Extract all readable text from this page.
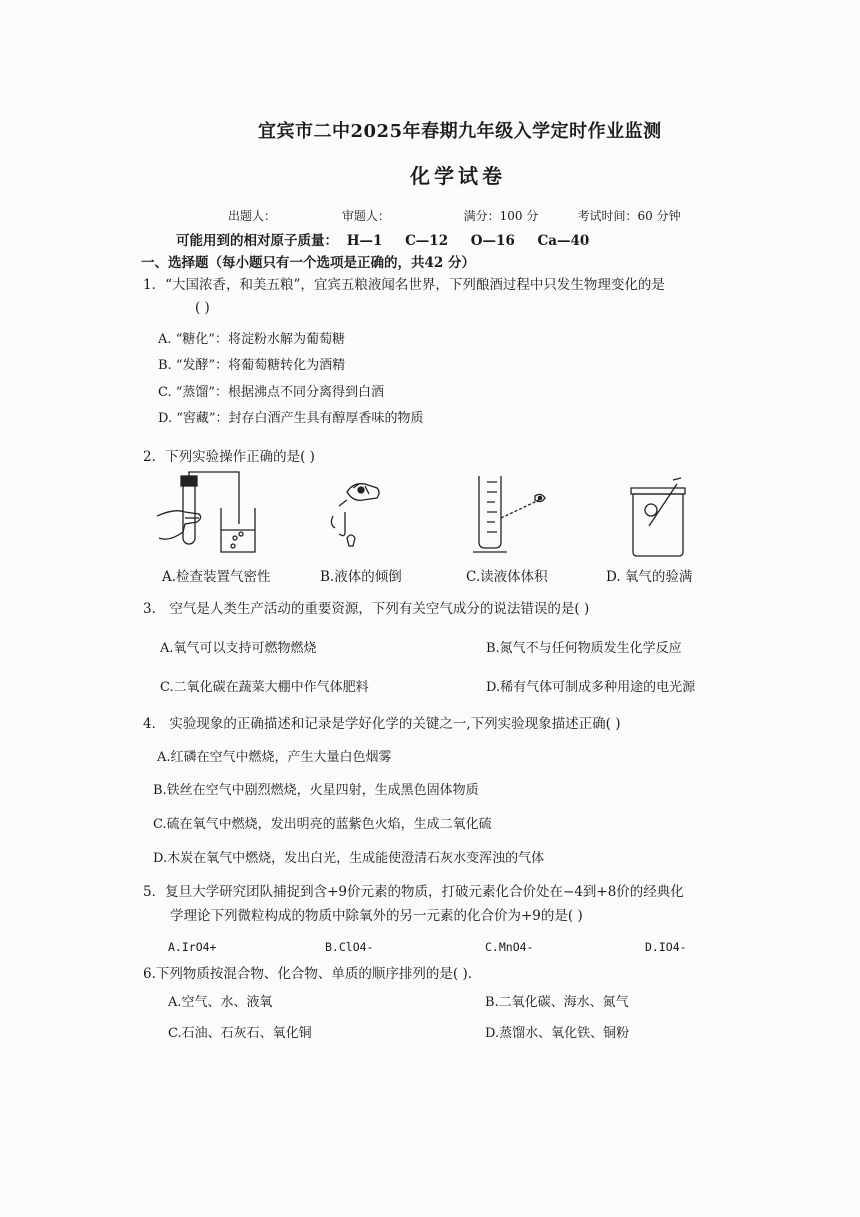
宜宾市二中2025年春期九年级入学定时作业监测
化学试卷
出题人：	审题人：	满分：100 分	考试时间：60 分钟
可能用到的相对原子质量： H—1 C—12 O—16 Ca—40
一、选择题（每小题只有一个选项是正确的，共42 分）
1．“大国浓香，和美五粮”，宜宾五粮液闻名世界，下列酿酒过程中只发生物理变化的是
( )
A. “糖化”：将淀粉水解为葡萄糖
B. “发酵”：将葡萄糖转化为酒精
C. “蒸馏”：根据沸点不同分离得到白酒
D. “窖藏”：封存白酒产生具有醇厚香味的物质
2．下列实验操作正确的是( )
A.检查装置气密性	B.液体的倾倒	C.读液体体积	D. 氧气的验满
3． 空气是人类生产活动的重要资源，下列有关空气成分的说法错误的是( )
A.氧气可以支持可燃物燃烧	B.氮气不与任何物质发生化学反应
C.二氧化碳在蔬菜大棚中作气体肥料	D.稀有气体可制成多种用途的电光源
4． 实验现象的正确描述和记录是学好化学的关键之一,下列实验现象描述正确( )
A.红磷在空气中燃烧，产生大量白色烟雾
B.铁丝在空气中剧烈燃烧，火星四射，生成黑色固体物质
C.硫在氧气中燃烧，发出明亮的蓝紫色火焰，生成二氧化硫
D.木炭在氧气中燃烧，发出白光，生成能使澄清石灰水变浑浊的气体
5．复旦大学研究团队捕捉到含+9价元素的物质，打破元素化合价处在−4到+8价的经典化
学理论下列微粒构成的物质中除氧外的另一元素的化合价为+9的是( )
A.IrO4+	B.ClO4-	C.MnO4-	D.IO4-
6.下列物质按混合物、化合物、单质的顺序排列的是( ).
A.空气、水、液氧	B.二氧化碳、海水、氮气
C.石油、石灰石、氧化铜	D.蒸馏水、氧化铁、铜粉
